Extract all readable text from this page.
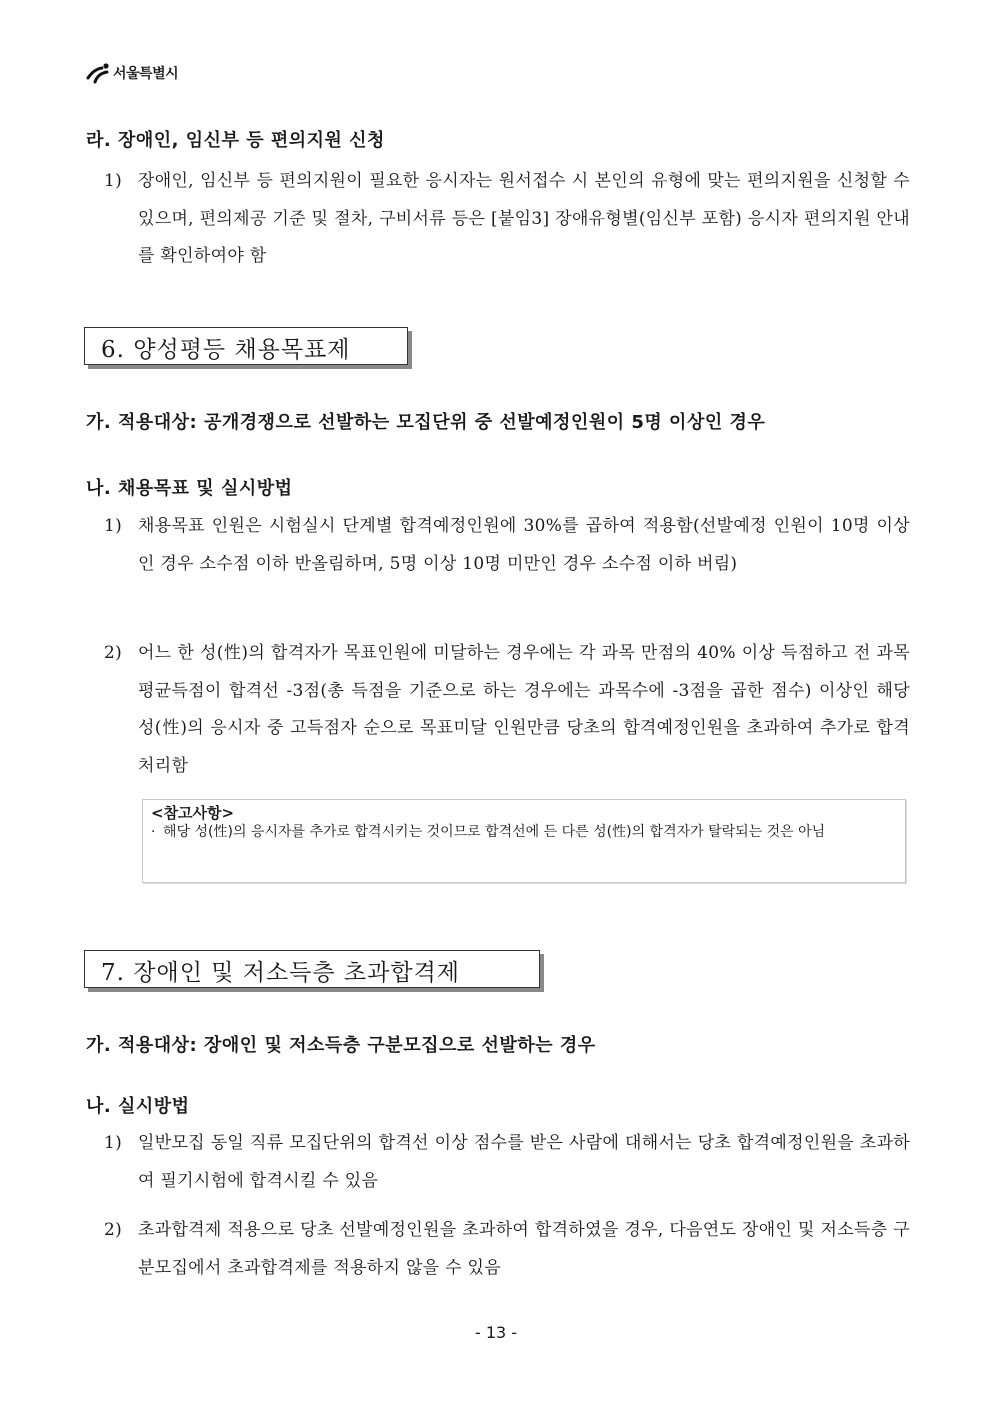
서울특별시
라. 장애인, 임신부 등 편의지원 신청
1) 장애인, 임신부 등 편의지원이 필요한 응시자는 원서접수 시 본인의 유형에 맞는 편의지원을 신청할 수 있으며, 편의제공 기준 및 절차, 구비서류 등은 [붙임3] 장애유형별(임신부 포함) 응시자 편의지원 안내를 확인하여야 함
6. 양성평등 채용목표제
가. 적용대상: 공개경쟁으로 선발하는 모집단위 중 선발예정인원이 5명 이상인 경우
나. 채용목표 및 실시방법
1) 채용목표 인원은 시험실시 단계별 합격예정인원에 30%를 곱하여 적용함(선발예정 인원이 10명 이상인 경우 소수점 이하 반올림하며, 5명 이상 10명 미만인 경우 소수점 이하 버림)
2) 어느 한 성(性)의 합격자가 목표인원에 미달하는 경우에는 각 과목 만점의 40% 이상 득점하고 전 과목 평균득점이 합격선 -3점(총 득점을 기준으로 하는 경우에는 과목수에 -3점을 곱한 점수) 이상인 해당 성(性)의 응시자 중 고득점자 순으로 목표미달 인원만큼 당초의 합격예정인원을 초과하여 추가로 합격 처리함
<참고사항>
· 해당 성(性)의 응시자를 추가로 합격시키는 것이므로 합격선에 든 다른 성(性)의 합격자가 탈락되는 것은 아님
7. 장애인 및 저소득층 초과합격제
가. 적용대상: 장애인 및 저소득층 구분모집으로 선발하는 경우
나. 실시방법
1) 일반모집 동일 직류 모집단위의 합격선 이상 점수를 받은 사람에 대해서는 당초 합격예정인원을 초과하여 필기시험에 합격시킬 수 있음
2) 초과합격제 적용으로 당초 선발예정인원을 초과하여 합격하였을 경우, 다음연도 장애인 및 저소득층 구분모집에서 초과합격제를 적용하지 않을 수 있음
- 13 -
